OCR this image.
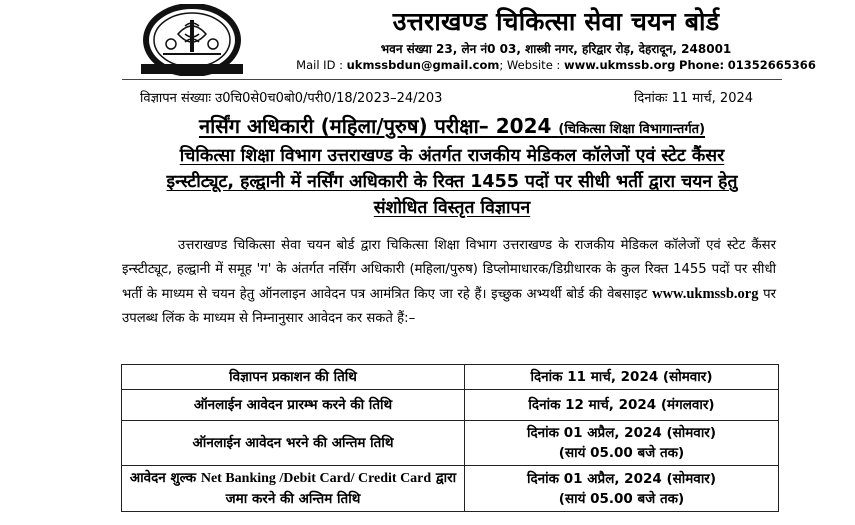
उत्तराखण्ड चिकित्सा सेवा चयन बोर्ड
भवन संख्या 23, लेन नं0 03, शास्त्री नगर, हरिद्वार रोड़, देहरादून, 248001
Mail ID : ukmssbdun@gmail.com; Website : www.ukmssb.org Phone: 01352665366
विज्ञापन संख्याः उ0चि0से0च0बो0/परी0/18/2023–24/203	दिनांकः 11 मार्च, 2024
नर्सिंग अधिकारी (महिला/पुरुष) परीक्षा– 2024 (चिकित्सा शिक्षा विभागान्तर्गत)
चिकित्सा शिक्षा विभाग उत्तराखण्ड के अंतर्गत राजकीय मेडिकल कॉलेजों एवं स्टेट कैंसर
इन्स्टीट्यूट, हल्द्वानी में नर्सिंग अधिकारी के रिक्त 1455 पदों पर सीधी भर्ती द्वारा चयन हेतु
संशोधित विस्तृत विज्ञापन
उत्तराखण्ड चिकित्सा सेवा चयन बोर्ड द्वारा चिकित्सा शिक्षा विभाग उत्तराखण्ड के राजकीय मेडिकल कॉलेजों एवं स्टेट कैंसर इन्स्टीट्यूट, हल्द्वानी में समूह 'ग' के अंतर्गत नर्सिंग अधिकारी (महिला/पुरुष) डिप्लोमाधारक/डिग्रीधारक के कुल रिक्त 1455 पदों पर सीधी भर्ती के माध्यम से चयन हेतु ऑनलाइन आवेदन पत्र आमंत्रित किए जा रहे हैं। इच्छुक अभ्यर्थी बोर्ड की वेबसाइट www.ukmssb.org पर उपलब्ध लिंक के माध्यम से निम्नानुसार आवेदन कर सकते हैं:–
विज्ञापन प्रकाशन की तिथि	दिनांक 11 मार्च, 2024 (सोमवार)
ऑनलाईन आवेदन प्रारम्भ करने की तिथि	दिनांक 12 मार्च, 2024 (मंगलवार)
ऑनलाईन आवेदन भरने की अन्तिम तिथि	दिनांक 01 अप्रैल, 2024 (सोमवार)
(सायं 05.00 बजे तक)

आवेदन शुल्क Net Banking /Debit Card/ Credit Card द्वारा जमा करने की अन्तिम तिथि	दिनांक 01 अप्रैल, 2024 (सोमवार)
(सायं 05.00 बजे तक)
